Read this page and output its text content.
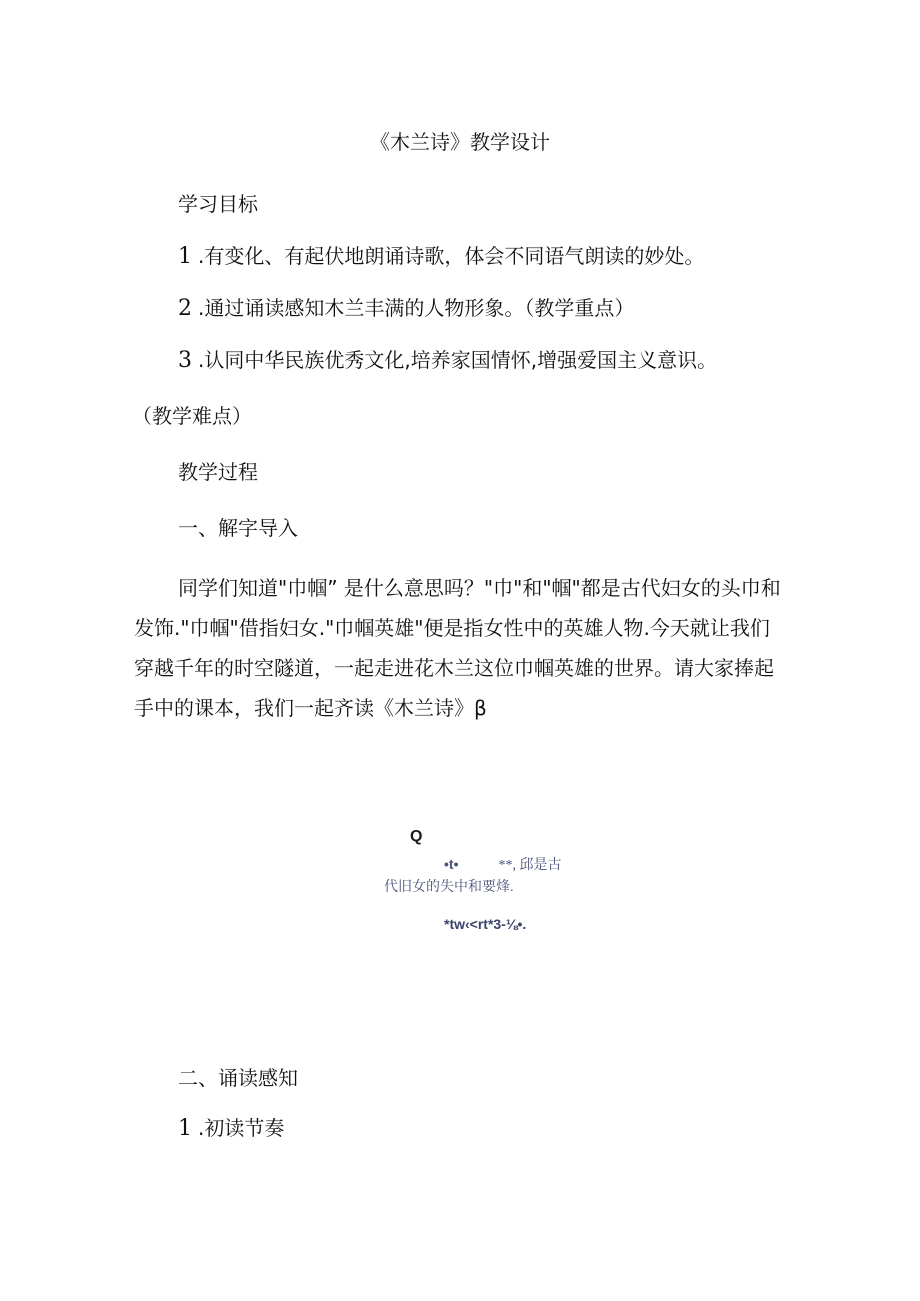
《木兰诗》教学设计
学习目标
1 .有变化、有起伏地朗诵诗歌，体会不同语气朗读的妙处。
2 .通过诵读感知木兰丰满的人物形象。（教学重点）
3 .认同中华民族优秀文化,培养家国情怀,增强爱国主义意识。
（教学难点）
教学过程
一、解字导入
同学们知道"巾帼” 是什么意思吗？"巾"和"帼"都是古代妇女的头巾和
发饰."巾帼"借指妇女."巾帼英雄"便是指女性中的英雄人物.今天就让我们
穿越千年的时空隧道，一起走进花木兰这位巾帼英雄的世界。请大家捧起
手中的课本，我们一起齐读《木兰诗》β
Q
•t•	**, 邱是古
代旧女的失中和要烽.
*tw‹<rt*3-⅛•.
二、诵读感知
1 .初读节奏
